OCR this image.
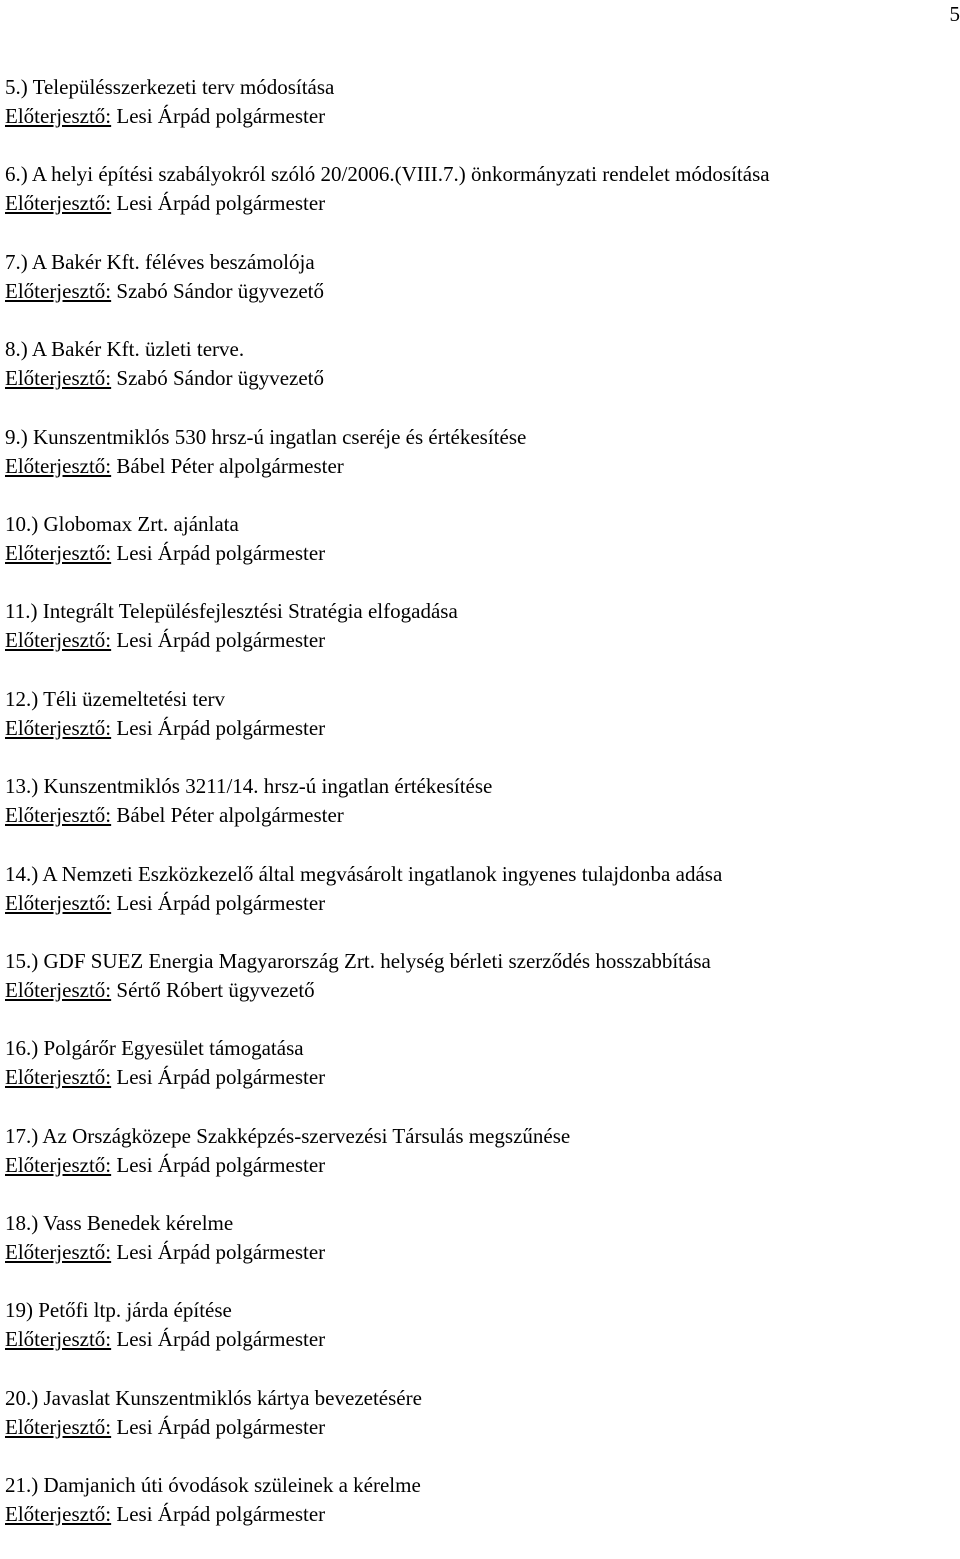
5
5.) Településszerkezeti terv módosítása
Előterjesztő: Lesi Árpád polgármester
6.) A helyi építési szabályokról szóló 20/2006.(VIII.7.) önkormányzati rendelet módosítása
Előterjesztő: Lesi Árpád polgármester
7.) A Bakér Kft. féléves beszámolója
Előterjesztő: Szabó Sándor ügyvezető
8.) A Bakér Kft. üzleti terve.
Előterjesztő: Szabó Sándor ügyvezető
9.) Kunszentmiklós 530 hrsz-ú ingatlan cseréje és értékesítése
Előterjesztő: Bábel Péter alpolgármester
10.) Globomax Zrt. ajánlata
Előterjesztő: Lesi Árpád polgármester
11.) Integrált Településfejlesztési Stratégia elfogadása
Előterjesztő: Lesi Árpád polgármester
12.) Téli üzemeltetési terv
Előterjesztő: Lesi Árpád polgármester
13.) Kunszentmiklós 3211/14. hrsz-ú ingatlan értékesítése
Előterjesztő: Bábel Péter alpolgármester
14.) A Nemzeti Eszközkezelő által megvásárolt ingatlanok ingyenes tulajdonba adása
Előterjesztő: Lesi Árpád polgármester
15.) GDF SUEZ Energia Magyarország Zrt. helység bérleti szerződés hosszabbítása
Előterjesztő: Sértő Róbert ügyvezető
16.) Polgárőr Egyesület támogatása
Előterjesztő: Lesi Árpád polgármester
17.) Az Országközepe Szakképzés-szervezési Társulás megszűnése
Előterjesztő: Lesi Árpád polgármester
18.) Vass Benedek kérelme
Előterjesztő: Lesi Árpád polgármester
19) Petőfi ltp. járda építése
Előterjesztő: Lesi Árpád polgármester
20.) Javaslat Kunszentmiklós kártya bevezetésére
Előterjesztő: Lesi Árpád polgármester
21.) Damjanich úti óvodások szüleinek a kérelme
Előterjesztő: Lesi Árpád polgármester
